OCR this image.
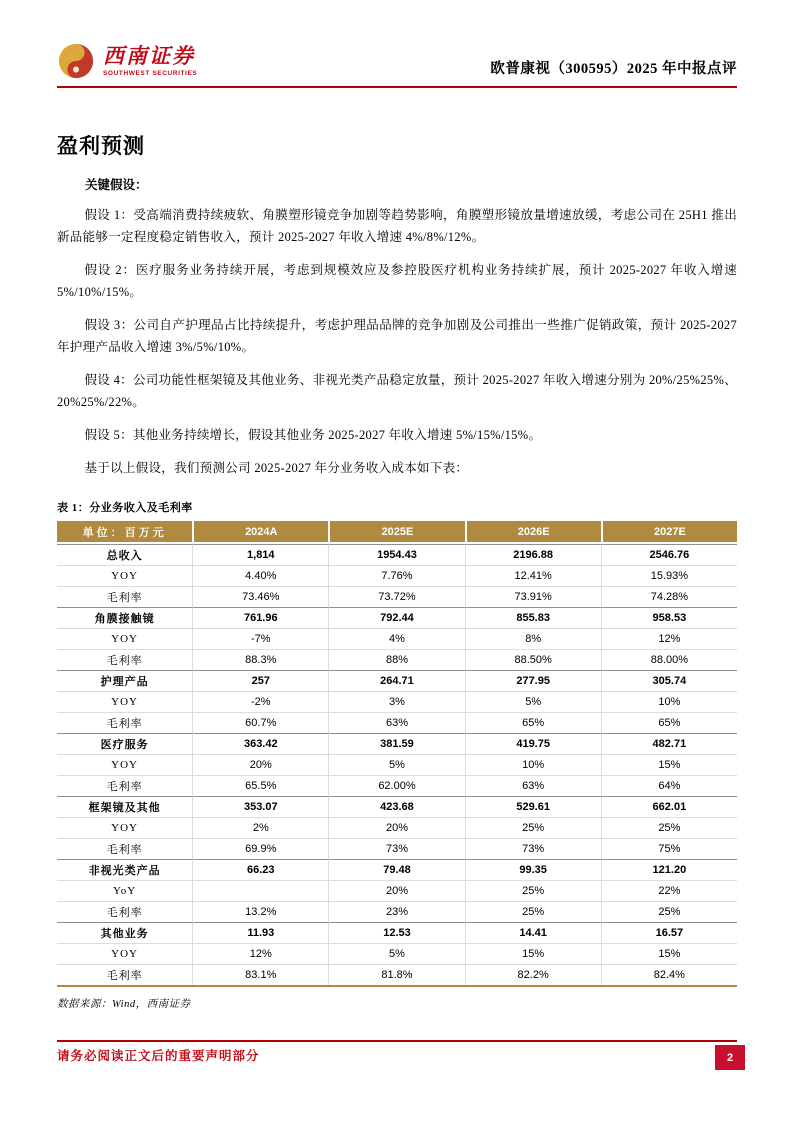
西南证券
SOUTHWEST SECURITIES	欧普康视（300595）2025 年中报点评
盈利预测
关键假设：

假设 1：受高端消费持续疲软、角膜塑形镜竞争加剧等趋势影响，角膜塑形镜放量增速放缓，考虑公司在 25H1 推出新品能够一定程度稳定销售收入，预计 2025-2027 年收入增速 4%/8%/12%。

假设 2：医疗服务业务持续开展，考虑到规模效应及参控股医疗机构业务持续扩展，预计 2025-2027 年收入增速 5%/10%/15%。

假设 3：公司自产护理品占比持续提升，考虑护理品品牌的竞争加剧及公司推出一些推广促销政策，预计 2025-2027 年护理产品收入增速 3%/5%/10%。

假设 4：公司功能性框架镜及其他业务、非视光类产品稳定放量，预计 2025-2027 年收入增速分别为 20%/25%25%、20%25%/22%。

假设 5：其他业务持续增长，假设其他业务 2025-2027 年收入增速 5%/15%/15%。

基于以上假设，我们预测公司 2025-2027 年分业务收入成本如下表：

表 1：分业务收入及毛利率
单位：百万元	2024A	2025E	2026E	2027E
总收入	1,814	1954.43	2196.88	2546.76
YOY	4.40%	7.76%	12.41%	15.93%
毛利率	73.46%	73.72%	73.91%	74.28%
角膜接触镜	761.96	792.44	855.83	958.53
YOY	-7%	4%	8%	12%
毛利率	88.3%	88%	88.50%	88.00%
护理产品	257	264.71	277.95	305.74
YOY	-2%	3%	5%	10%
毛利率	60.7%	63%	65%	65%
医疗服务	363.42	381.59	419.75	482.71
YOY	20%	5%	10%	15%
毛利率	65.5%	62.00%	63%	64%
框架镜及其他	353.07	423.68	529.61	662.01
YOY	2%	20%	25%	25%
毛利率	69.9%	73%	73%	75%
非视光类产品	66.23	79.48	99.35	121.20
YoY		20%	25%	22%
毛利率	13.2%	23%	25%	25%
其他业务	11.93	12.53	14.41	16.57
YOY	12%	5%	15%	15%
毛利率	83.1%	81.8%	82.2%	82.4%
数据来源：Wind，西南证券
请务必阅读正文后的重要声明部分	2
